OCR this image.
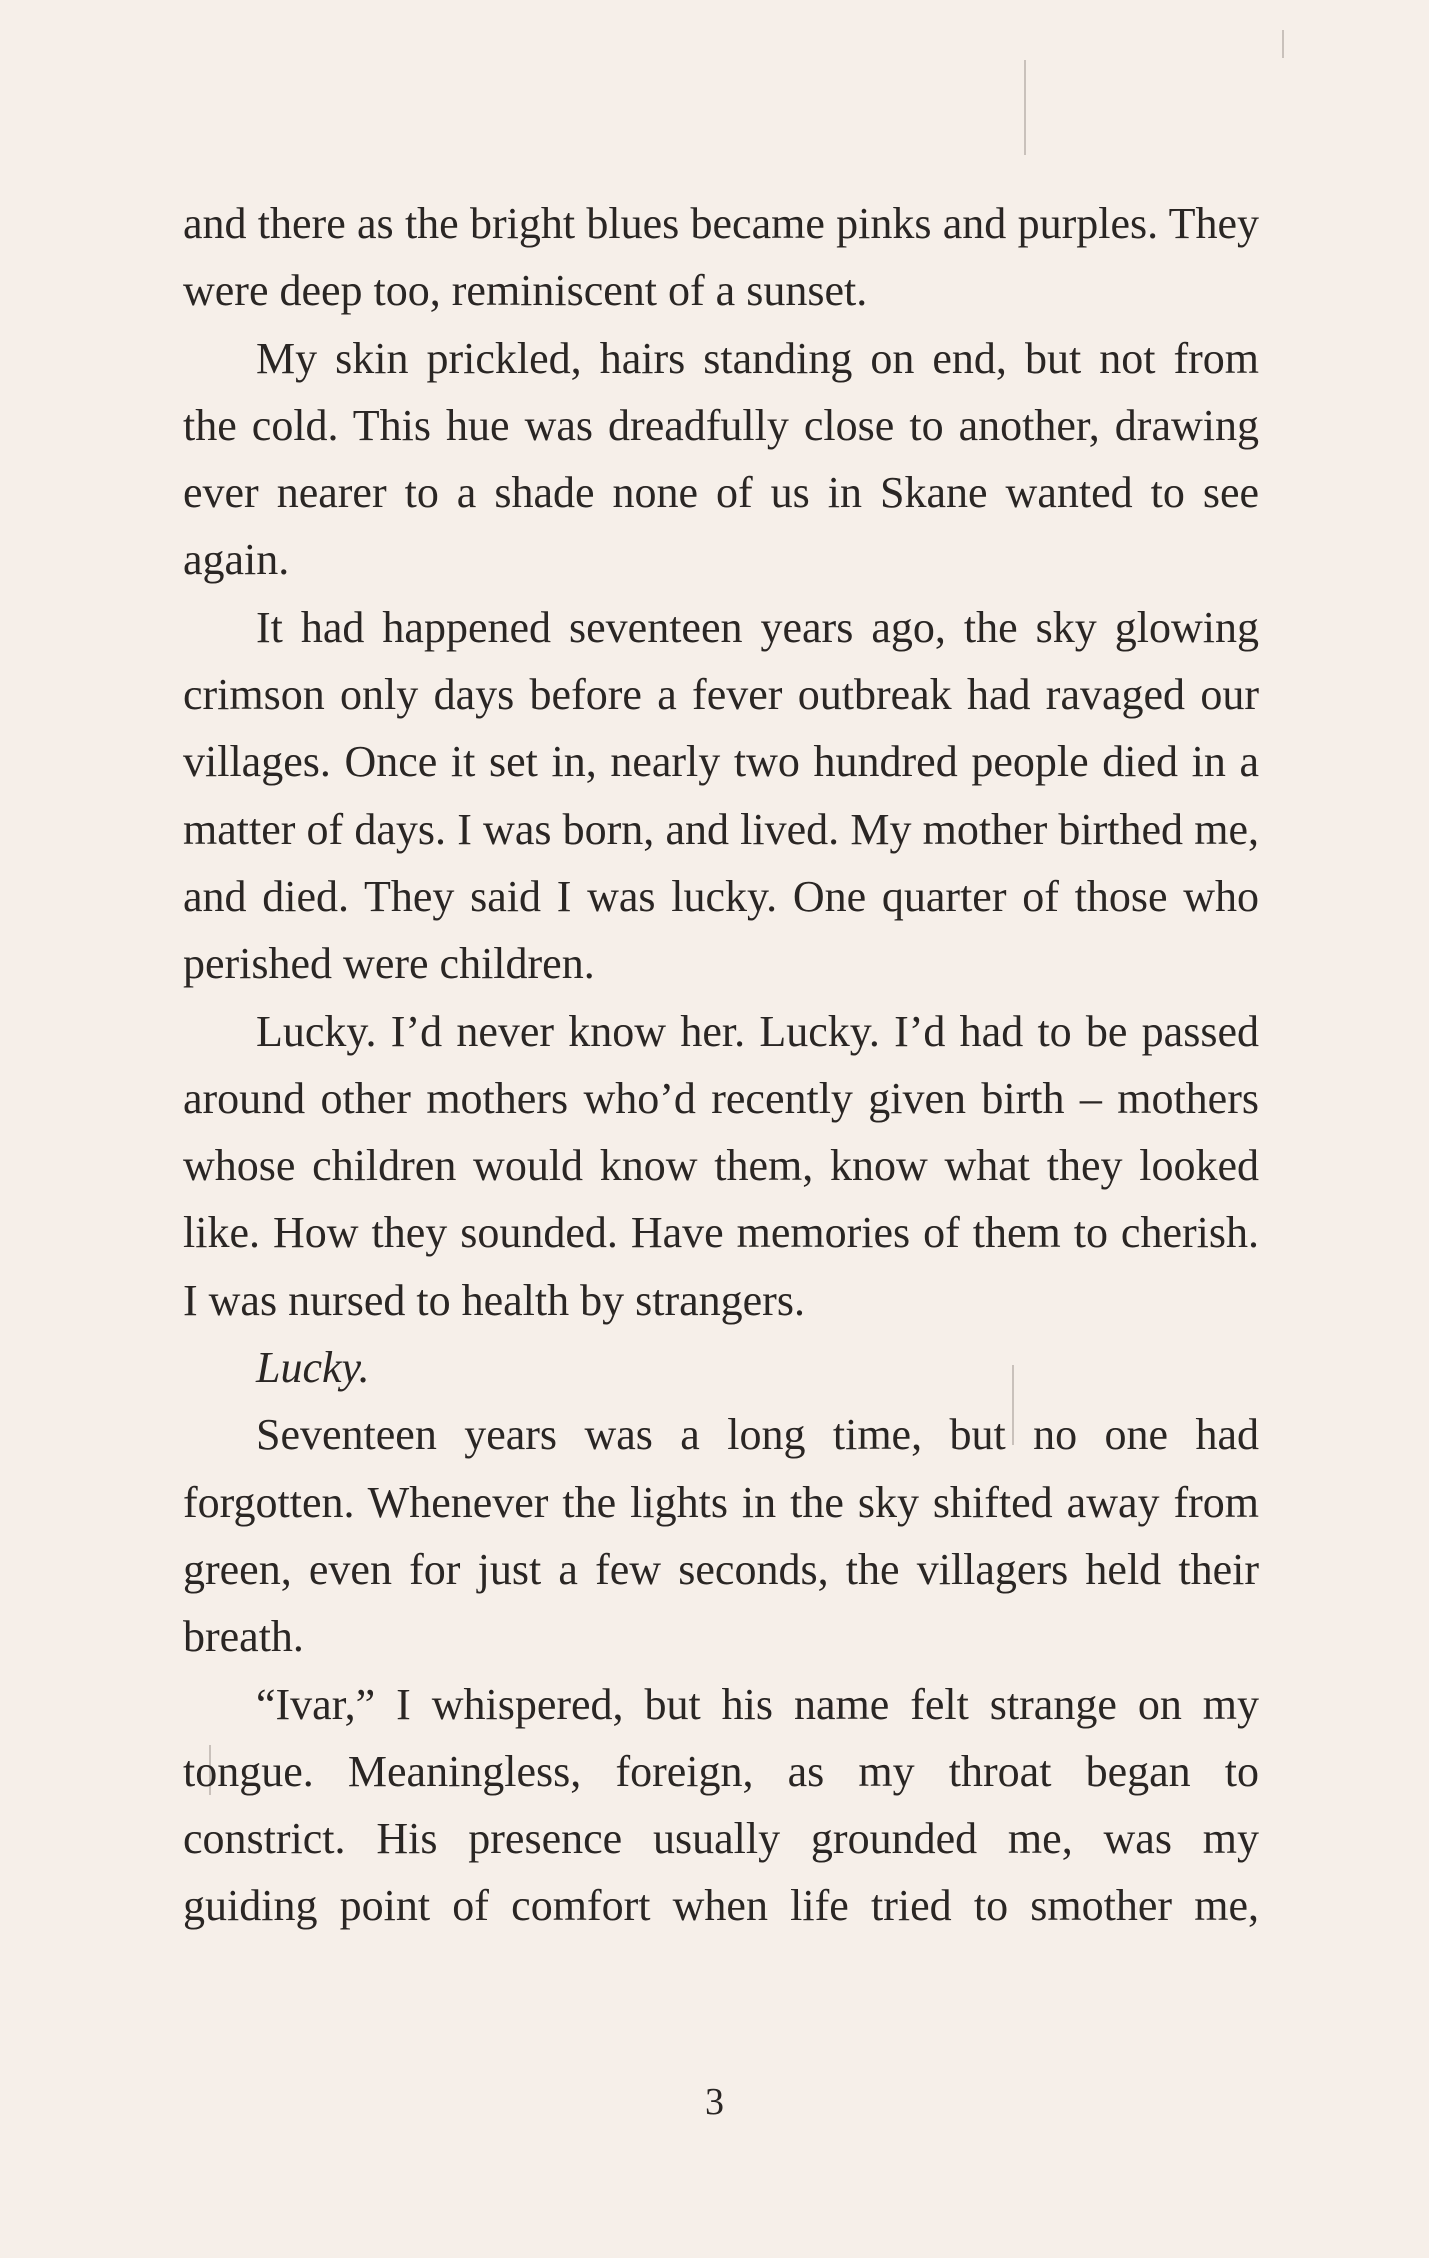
and there as the bright blues became pinks and purples. They were deep too, reminiscent of a sunset.

My skin prickled, hairs standing on end, but not from the cold. This hue was dreadfully close to another, drawing ever nearer to a shade none of us in Skane wanted to see again.

It had happened seventeen years ago, the sky glowing crimson only days before a fever outbreak had ravaged our villages. Once it set in, nearly two hundred people died in a matter of days. I was born, and lived. My mother birthed me, and died. They said I was lucky. One quarter of those who perished were children.

Lucky. I’d never know her. Lucky. I’d had to be passed around other mothers who’d recently given birth – mothers whose children would know them, know what they looked like. How they sounded. Have memories of them to cherish. I was nursed to health by strangers.

Lucky.

Seventeen years was a long time, but no one had forgotten. Whenever the lights in the sky shifted away from green, even for just a few seconds, the villagers held their breath.

“Ivar,” I whispered, but his name felt strange on my tongue. Meaningless, foreign, as my throat began to constrict. His presence usually grounded me, was my guiding point of comfort when life tried to smother me,

3
